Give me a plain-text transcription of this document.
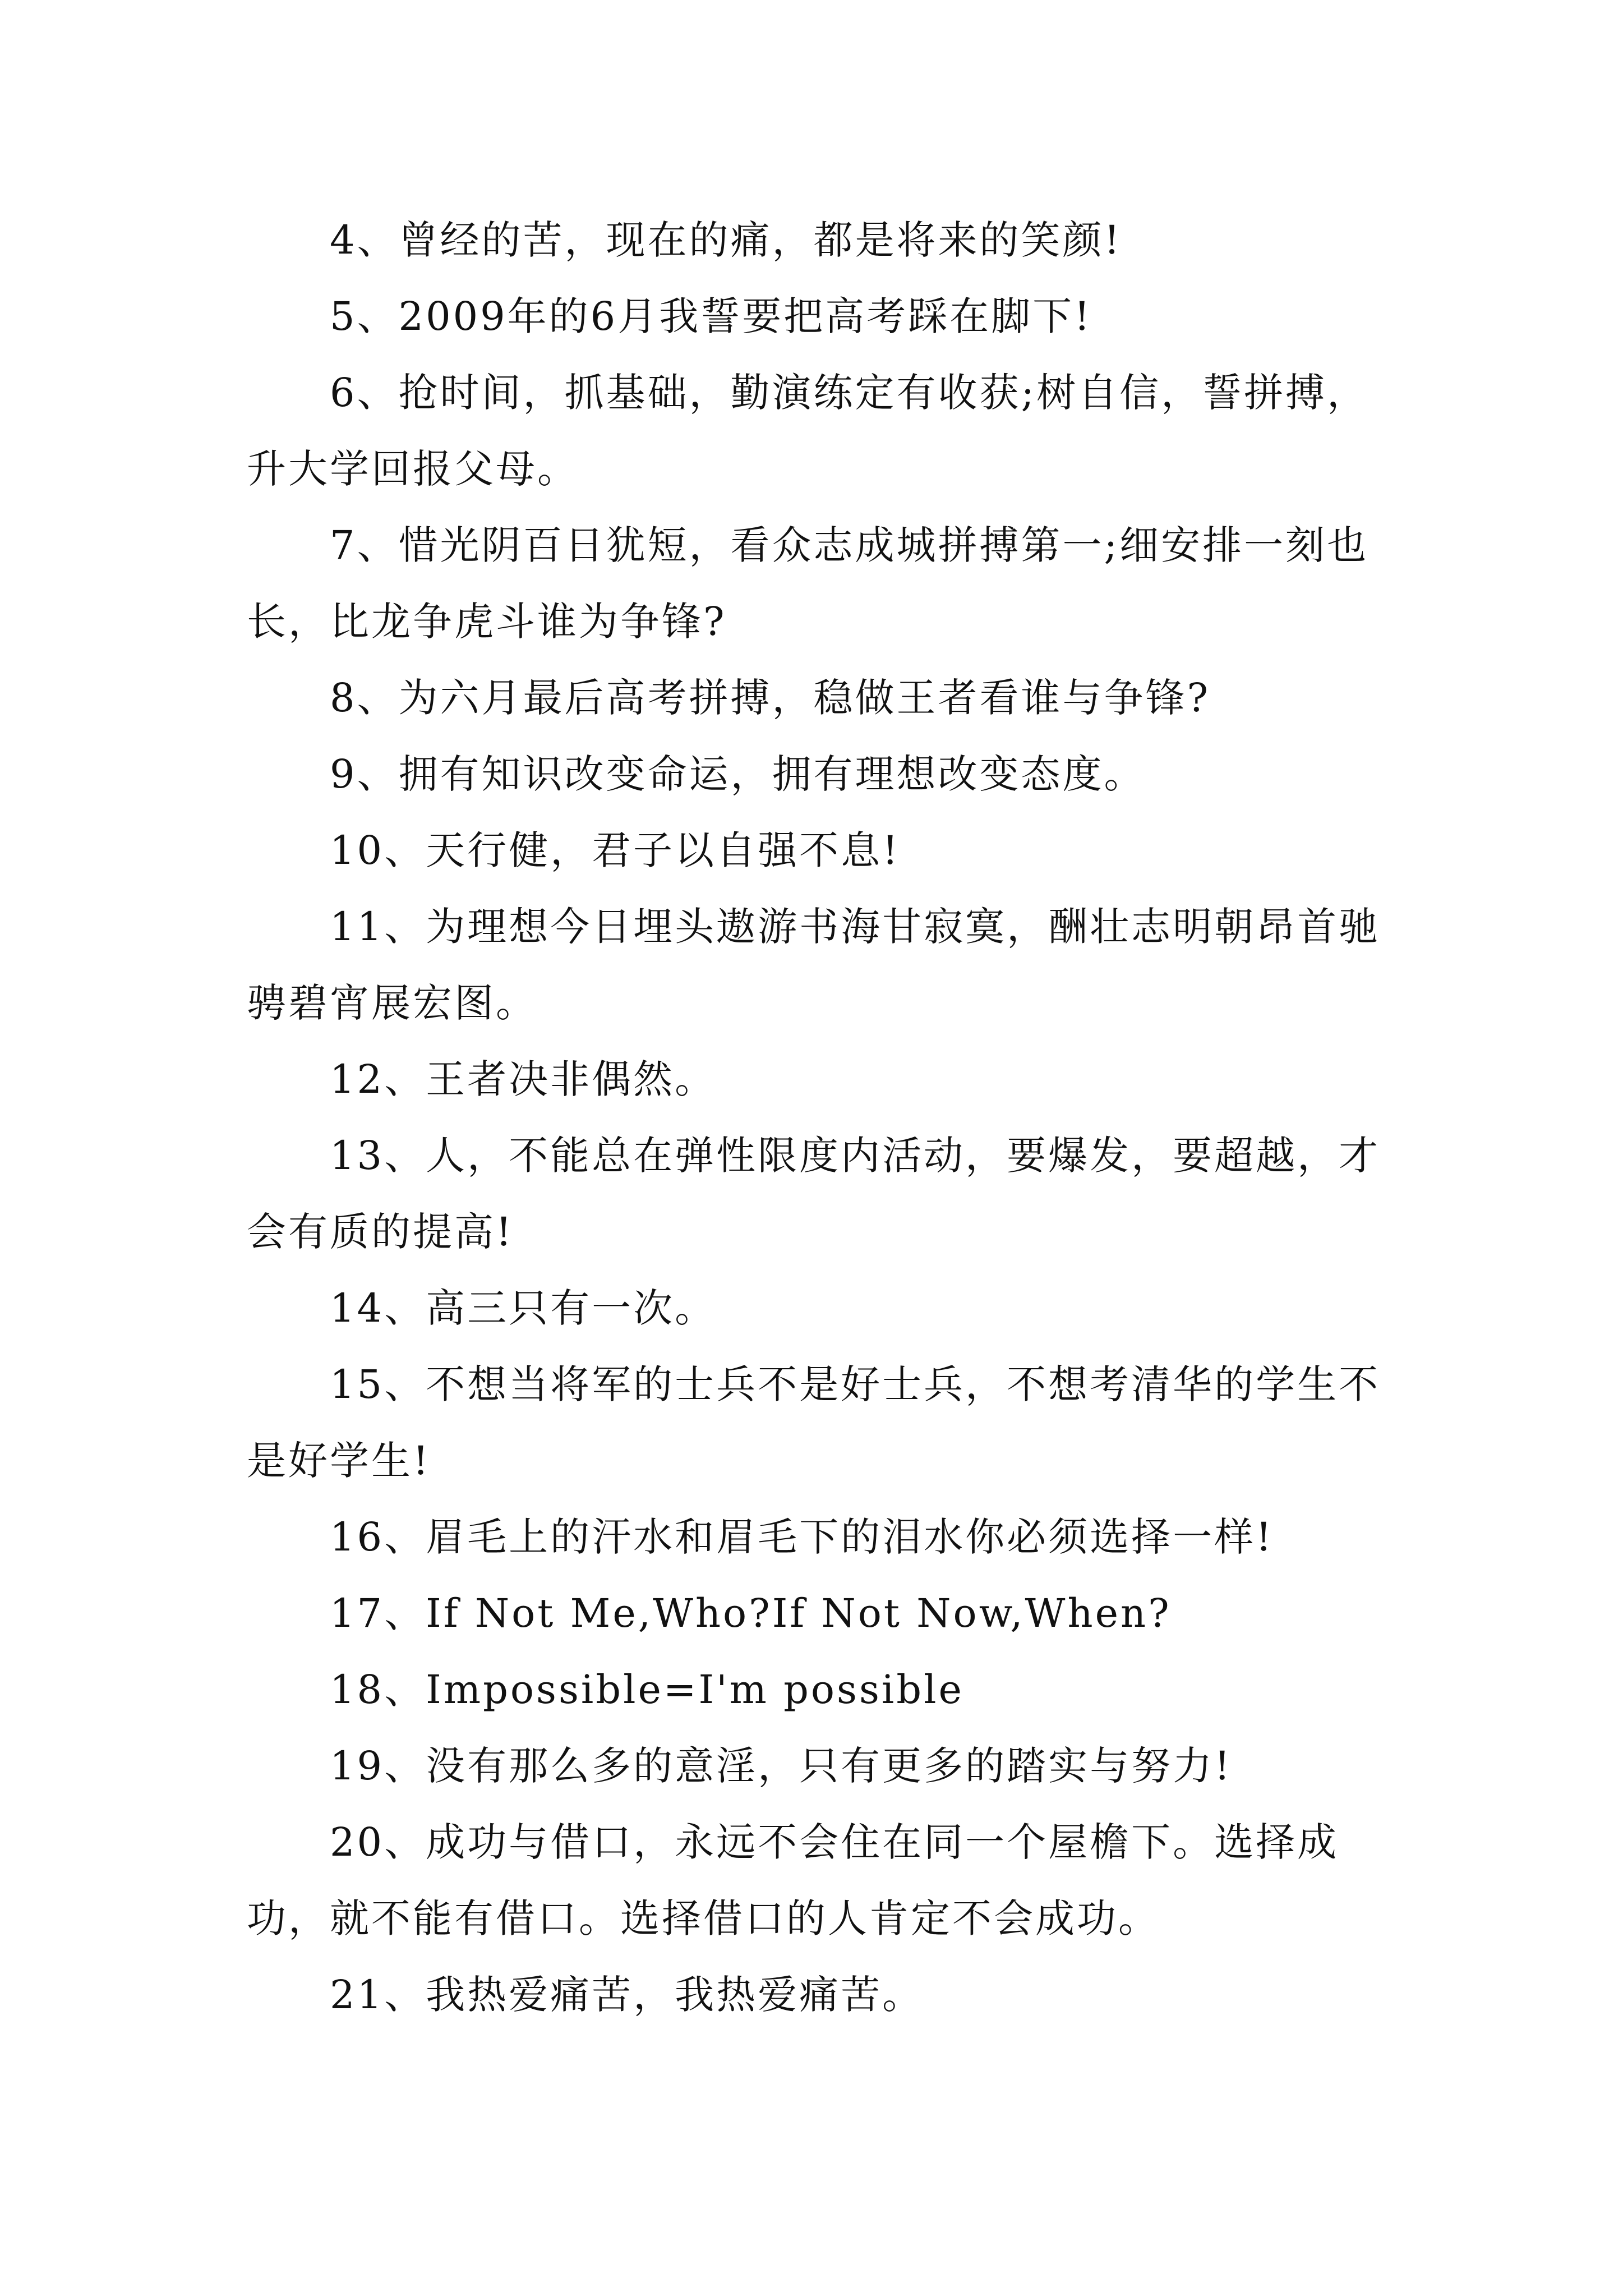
4、曾经的苦，现在的痛，都是将来的笑颜!

5、2009年的6月我誓要把高考踩在脚下!

6、抢时间，抓基础，勤演练定有收获;树自信，誓拼搏，升大学回报父母。

7、惜光阴百日犹短，看众志成城拼搏第一;细安排一刻也长，比龙争虎斗谁为争锋?

8、为六月最后高考拼搏，稳做王者看谁与争锋?

9、拥有知识改变命运，拥有理想改变态度。

10、天行健，君子以自强不息!

11、为理想今日埋头遨游书海甘寂寞，酬壮志明朝昂首驰骋碧宵展宏图。

12、王者决非偶然。

13、人，不能总在弹性限度内活动，要爆发，要超越，才会有质的提高!

14、高三只有一次。

15、不想当将军的士兵不是好士兵，不想考清华的学生不是好学生!

16、眉毛上的汗水和眉毛下的泪水你必须选择一样!

17、If Not Me,Who?If Not Now,When?

18、Impossible=I'm possible

19、没有那么多的意淫，只有更多的踏实与努力!

20、成功与借口，永远不会住在同一个屋檐下。选择成功，就不能有借口。选择借口的人肯定不会成功。

21、我热爱痛苦，我热爱痛苦。
